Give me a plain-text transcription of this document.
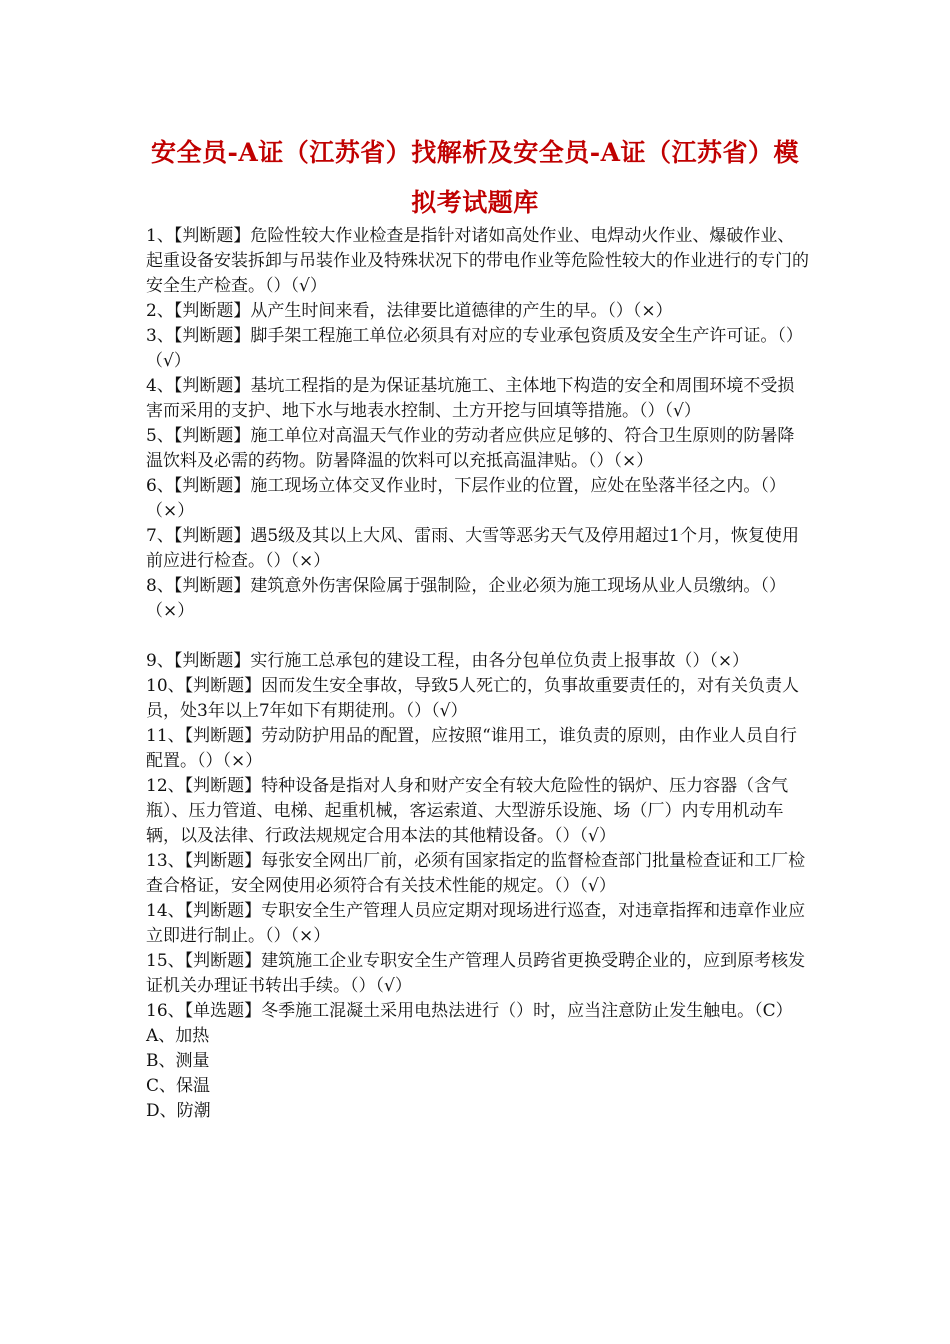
安全员-A证（江苏省）找解析及安全员-A证（江苏省）模
拟考试题库

1、【判断题】危险性较大作业检查是指针对诸如高处作业、电焊动火作业、爆破作业、起重设备安装拆卸与吊装作业及特殊状况下的带电作业等危险性较大的作业进行的专门的安全生产检查。（）（√）

2、【判断题】从产生时间来看，法律要比道德律的产生的早。（）（×）

3、【判断题】脚手架工程施工单位必须具有对应的专业承包资质及安全生产许可证。（）（√）

4、【判断题】基坑工程指的是为保证基坑施工、主体地下构造的安全和周围环境不受损害而采用的支护、地下水与地表水控制、土方开挖与回填等措施。（）（√）

5、【判断题】施工单位对高温天气作业的劳动者应供应足够的、符合卫生原则的防暑降温饮料及必需的药物。防暑降温的饮料可以充抵高温津贴。（）（×）

6、【判断题】施工现场立体交叉作业时，下层作业的位置，应处在坠落半径之内。（）（×）

7、【判断题】遇5级及其以上大风、雷雨、大雪等恶劣天气及停用超过1个月，恢复使用前应进行检查。（）（×）

8、【判断题】建筑意外伤害保险属于强制险，企业必须为施工现场从业人员缴纳。（）（×）

9、【判断题】实行施工总承包的建设工程，由各分包单位负责上报事故（）（×）

10、【判断题】因而发生安全事故，导致5人死亡的，负事故重要责任的，对有关负责人员，处3年以上7年如下有期徒刑。（）（√）

11、【判断题】劳动防护用品的配置，应按照“谁用工，谁负责的原则，由作业人员自行配置。（）（×）

12、【判断题】特种设备是指对人身和财产安全有较大危险性的锅炉、压力容器（含气瓶）、压力管道、电梯、起重机械，客运索道、大型游乐设施、场（厂）内专用机动车辆，以及法律、行政法规规定合用本法的其他精设备。（）（√）

13、【判断题】每张安全网出厂前，必须有国家指定的监督检查部门批量检查证和工厂检查合格证，安全网使用必须符合有关技术性能的规定。（）（√）

14、【判断题】专职安全生产管理人员应定期对现场进行巡查，对违章指挥和违章作业应立即进行制止。（）（×）

15、【判断题】建筑施工企业专职安全生产管理人员跨省更换受聘企业的，应到原考核发证机关办理证书转出手续。（）（√）

16、【单选题】冬季施工混凝土采用电热法进行（）时，应当注意防止发生触电。（C）

A、加热

B、测量

C、保温

D、防潮
